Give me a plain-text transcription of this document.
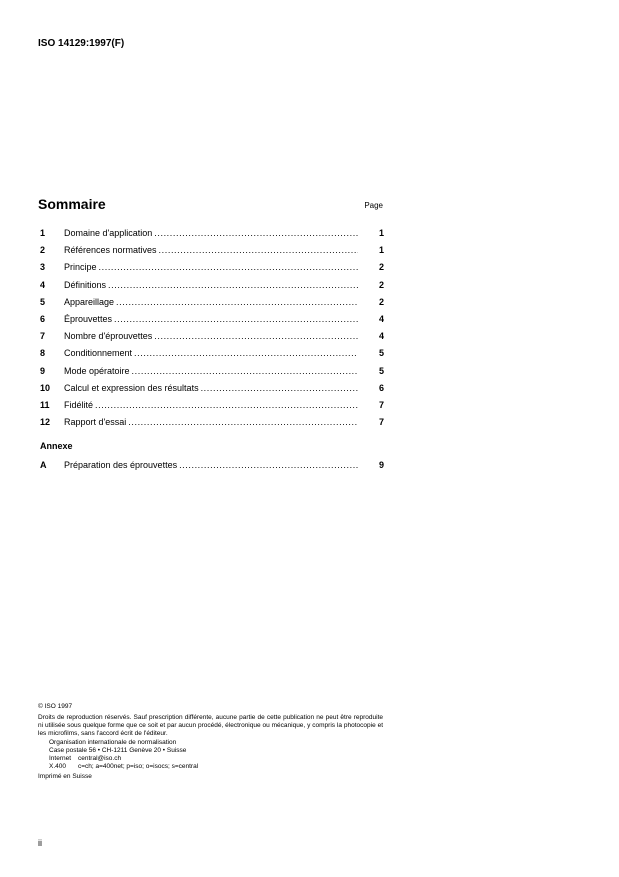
ISO 14129:1997(F)
Sommaire	Page
1 Domaine d'application .....	1
2 Références normatives .....	1
3 Principe .....	2
4 Définitions .....	2
5 Appareillage .....	2
6 Éprouvettes .....	4
7 Nombre d'éprouvettes .....	4
8 Conditionnement .....	5
9 Mode opératoire .....	5
10 Calcul et expression des résultats .....	6
11 Fidélité .....	7
12 Rapport d'essai .....	7
Annexe
A Préparation des éprouvettes .....	9
© ISO 1997
Droits de reproduction réservés. Sauf prescription différente, aucune partie de cette publication ne peut être reproduite ni utilisée sous quelque forme que ce soit et par aucun procédé, électronique ou mécanique, y compris la photocopie et les microfilms, sans l'accord écrit de l'éditeur.
Organisation internationale de normalisation
Case postale 56 • CH-1211 Genève 20 • Suisse
Internet	central@iso.ch
X.400	c=ch; a=400net; p=iso; o=isocs; s=central
Imprimé en Suisse
ii
